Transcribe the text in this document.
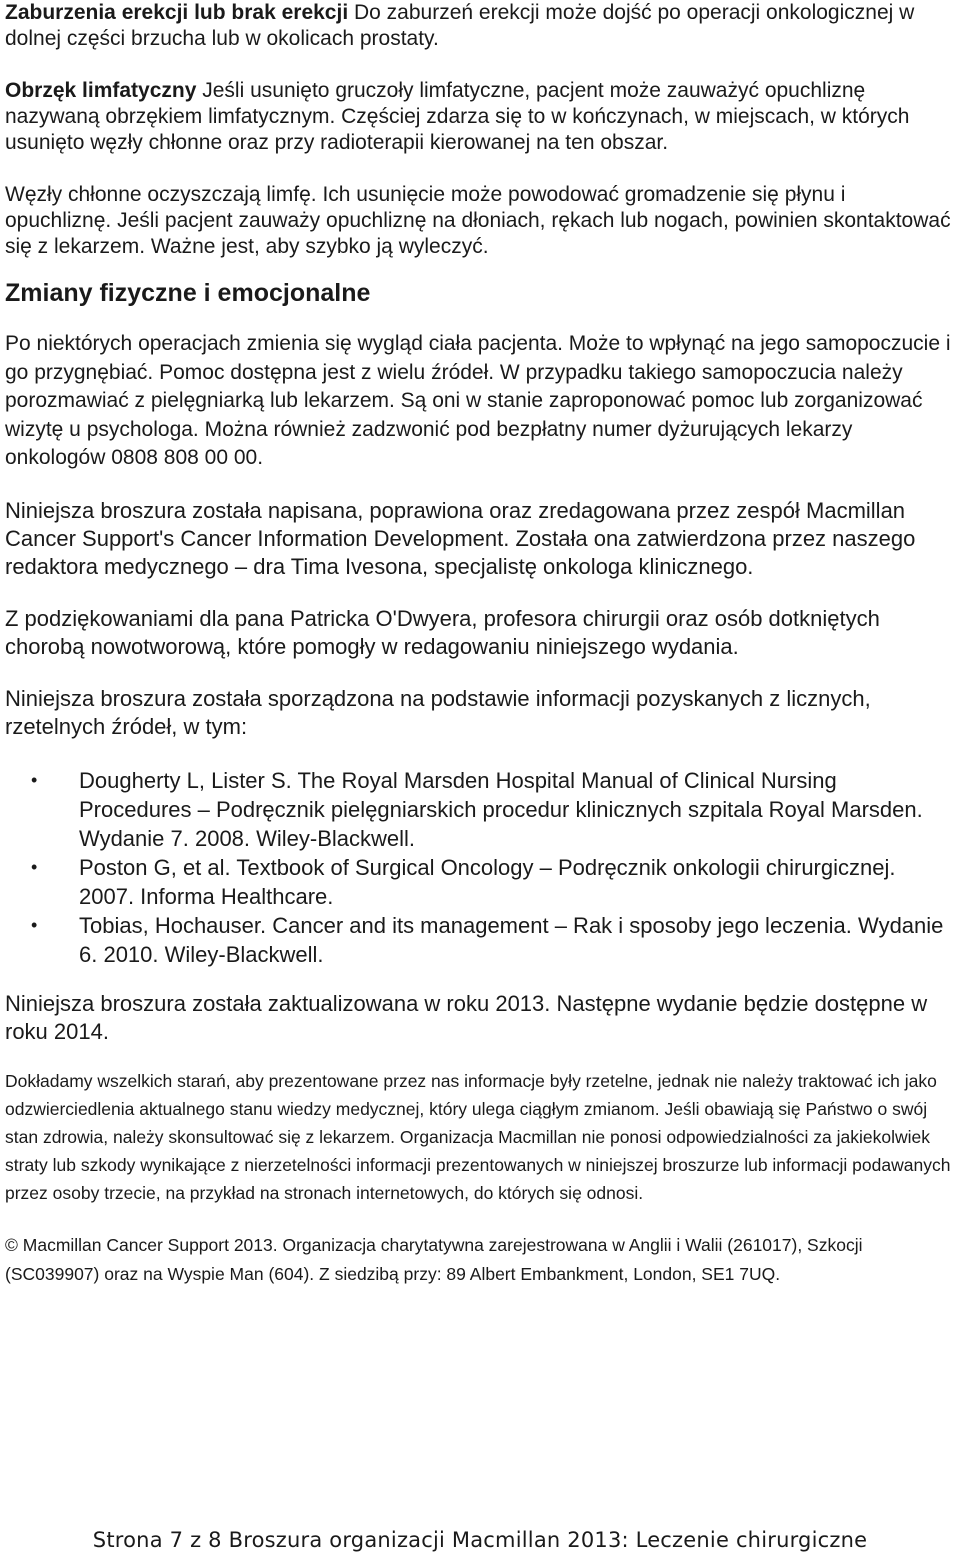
Zaburzenia erekcji lub brak erekcji Do zaburzeń erekcji może dojść po operacji onkologicznej w dolnej części brzucha lub w okolicach prostaty.

Obrzęk limfatyczny Jeśli usunięto gruczoły limfatyczne, pacjent może zauważyć opuchliznę nazywaną obrzękiem limfatycznym. Częściej zdarza się to w kończynach, w miejscach, w których usunięto węzły chłonne oraz przy radioterapii kierowanej na ten obszar.

Węzły chłonne oczyszczają limfę. Ich usunięcie może powodować gromadzenie się płynu i opuchliznę. Jeśli pacjent zauważy opuchliznę na dłoniach, rękach lub nogach, powinien skontaktować się z lekarzem. Ważne jest, aby szybko ją wyleczyć.

Zmiany fizyczne i emocjonalne

Po niektórych operacjach zmienia się wygląd ciała pacjenta. Może to wpłynąć na jego samopoczucie i go przygnębiać. Pomoc dostępna jest z wielu źródeł. W przypadku takiego samopoczucia należy porozmawiać z pielęgniarką lub lekarzem. Są oni w stanie zaproponować pomoc lub zorganizować wizytę u psychologa. Można również zadzwonić pod bezpłatny numer dyżurujących lekarzy onkologów 0808 808 00 00.

Niniejsza broszura została napisana, poprawiona oraz zredagowana przez zespół Macmillan Cancer Support's Cancer Information Development. Została ona zatwierdzona przez naszego redaktora medycznego – dra Tima Ivesona, specjalistę onkologa klinicznego.

Z podziękowaniami dla pana Patricka O'Dwyera, profesora chirurgii oraz osób dotkniętych chorobą nowotworową, które pomogły w redagowaniu niniejszego wydania.

Niniejsza broszura została sporządzona na podstawie informacji pozyskanych z licznych, rzetelnych źródeł, w tym:

• Dougherty L, Lister S. The Royal Marsden Hospital Manual of Clinical Nursing Procedures – Podręcznik pielęgniarskich procedur klinicznych szpitala Royal Marsden. Wydanie 7. 2008. Wiley-Blackwell.
• Poston G, et al. Textbook of Surgical Oncology – Podręcznik onkologii chirurgicznej. 2007. Informa Healthcare.
• Tobias, Hochauser. Cancer and its management – Rak i sposoby jego leczenia. Wydanie 6. 2010. Wiley-Blackwell.

Niniejsza broszura została zaktualizowana w roku 2013. Następne wydanie będzie dostępne w roku 2014.

Dokładamy wszelkich starań, aby prezentowane przez nas informacje były rzetelne, jednak nie należy traktować ich jako odzwierciedlenia aktualnego stanu wiedzy medycznej, który ulega ciągłym zmianom. Jeśli obawiają się Państwo o swój stan zdrowia, należy skonsultować się z lekarzem. Organizacja Macmillan nie ponosi odpowiedzialności za jakiekolwiek straty lub szkody wynikające z nierzetelności informacji prezentowanych w niniejszej broszurze lub informacji podawanych przez osoby trzecie, na przykład na stronach internetowych, do których się odnosi.

© Macmillan Cancer Support 2013. Organizacja charytatywna zarejestrowana w Anglii i Walii (261017), Szkocji (SC039907) oraz na Wyspie Man (604). Z siedzibą przy: 89 Albert Embankment, London, SE1 7UQ.

Strona 7 z 8 Broszura organizacji Macmillan 2013: Leczenie chirurgiczne
